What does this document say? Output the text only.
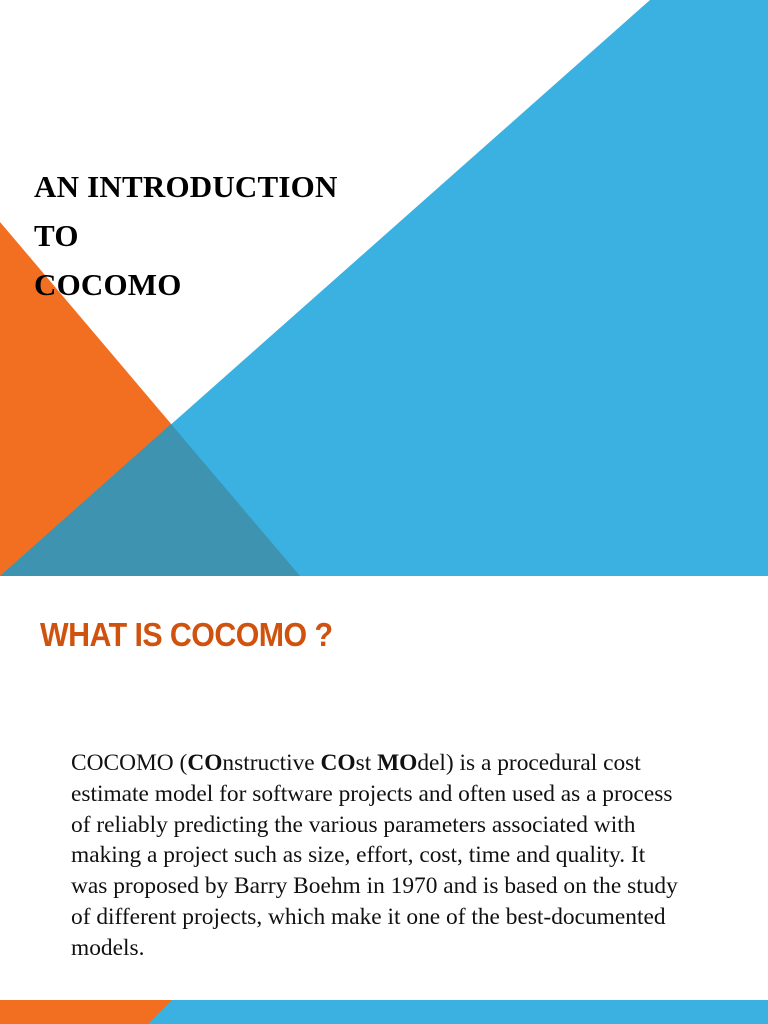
AN INTRODUCTION
TO
COCOMO
WHAT IS COCOMO ?
COCOMO (COnstructive COst MOdel) is a procedural cost
estimate model for software projects and often used as a process
of reliably predicting the various parameters associated with
making a project such as size, effort, cost, time and quality. It
was proposed by Barry Boehm in 1970 and is based on the study
of different projects, which make it one of the best-documented
models.
